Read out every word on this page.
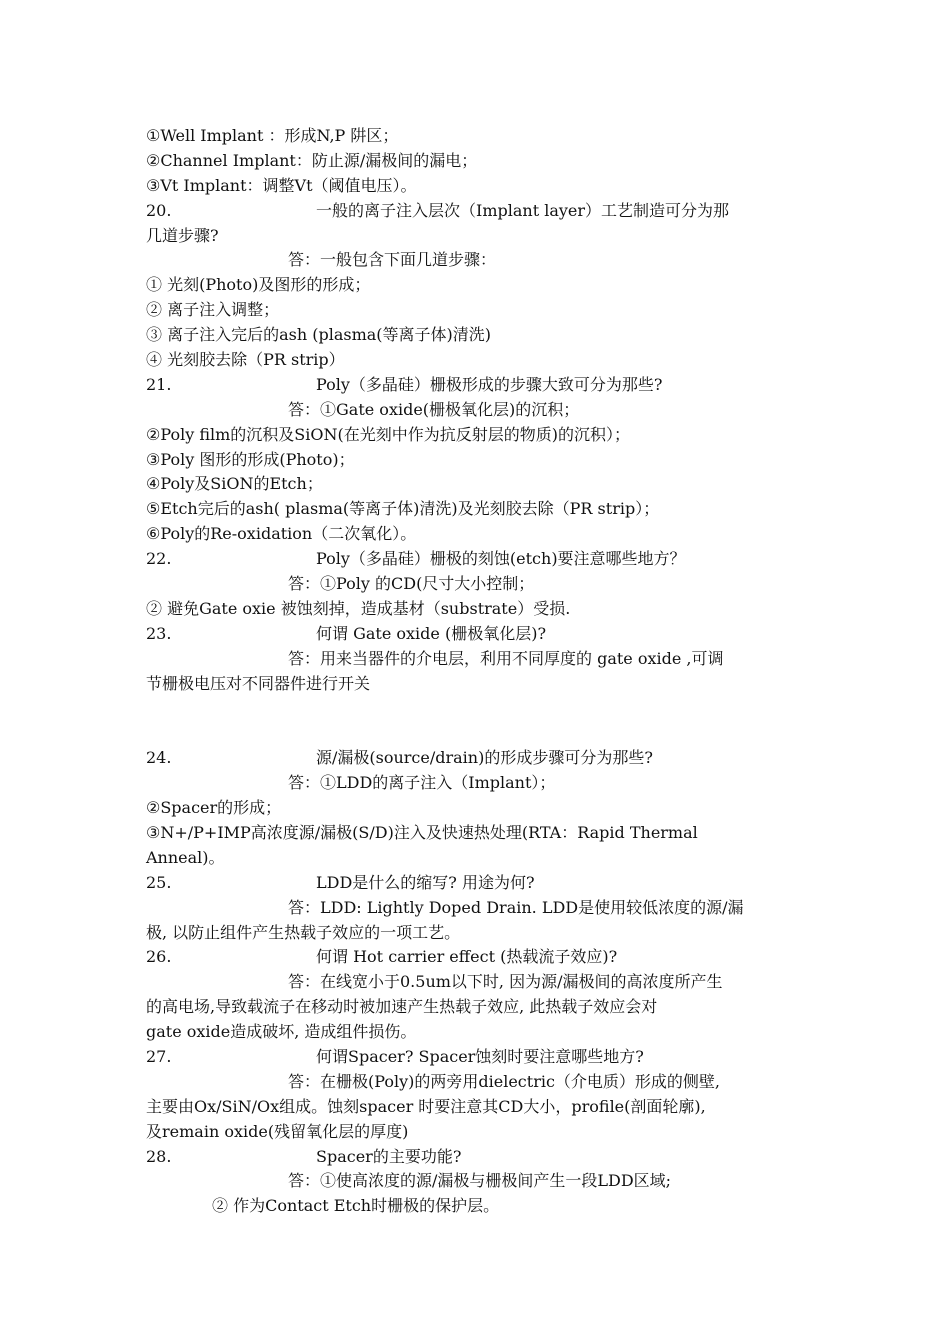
①Well Implant ：形成N,P 阱区；
②Channel Implant：防止源/漏极间的漏电；
③Vt Implant：调整Vt（阈值电压）。
20.	一般的离子注入层次（Implant layer）工艺制造可分为那
几道步骤?
答：一般包含下面几道步骤：
① 光刻(Photo)及图形的形成；
② 离子注入调整；
③ 离子注入完后的ash (plasma(等离子体)清洗)
④ 光刻胶去除（PR strip）
21.	Poly（多晶硅）栅极形成的步骤大致可分为那些?
答：①Gate oxide(栅极氧化层)的沉积；
②Poly film的沉积及SiON(在光刻中作为抗反射层的物质)的沉积）；
③Poly 图形的形成(Photo)；
④Poly及SiON的Etch；
⑤Etch完后的ash( plasma(等离子体)清洗)及光刻胶去除（PR strip）；
⑥Poly的Re-oxidation（二次氧化）。
22.	Poly（多晶硅）栅极的刻蚀(etch)要注意哪些地方？
答：①Poly 的CD(尺寸大小控制；
② 避免Gate oxie 被蚀刻掉，造成基材（substrate）受损.
23.	何谓 Gate oxide (栅极氧化层)?
答：用来当器件的介电层，利用不同厚度的 gate oxide ,可调
节栅极电压对不同器件进行开关
24.	源/漏极(source/drain)的形成步骤可分为那些?
答：①LDD的离子注入（Implant）；
②Spacer的形成；
③N+/P+IMP高浓度源/漏极(S/D)注入及快速热处理(RTA：Rapid Thermal
Anneal)。
25.	LDD是什么的缩写? 用途为何?
答：LDD: Lightly Doped Drain. LDD是使用较低浓度的源/漏
极, 以防止组件产生热载子效应的一项工艺。
26.	何谓 Hot carrier effect (热载流子效应)?
答：在线宽小于0.5um以下时, 因为源/漏极间的高浓度所产生
的高电场,导致载流子在移动时被加速产生热载子效应, 此热载子效应会对
gate oxide造成破坏, 造成组件损伤。
27.	何谓Spacer? Spacer蚀刻时要注意哪些地方?
答：在栅极(Poly)的两旁用dielectric（介电质）形成的侧壁,
主要由Ox/SiN/Ox组成。蚀刻spacer 时要注意其CD大小，profile(剖面轮廓),
及remain oxide(残留氧化层的厚度)
28.	Spacer的主要功能?
答：①使高浓度的源/漏极与栅极间产生一段LDD区域;
② 作为Contact Etch时栅极的保护层。
